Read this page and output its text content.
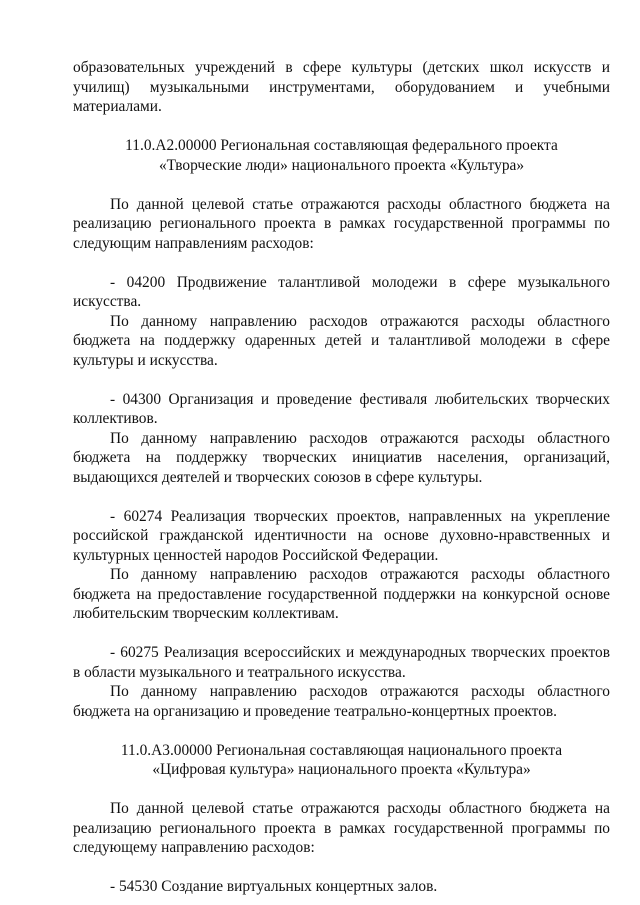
образовательных учреждений в сфере культуры (детских школ искусств и училищ) музыкальными инструментами, оборудованием и учебными материалами.

11.0.А2.00000 Региональная составляющая федерального проекта

«Творческие люди» национального проекта «Культура»

По данной целевой статье отражаются расходы областного бюджета на реализацию регионального проекта в рамках государственной программы по следующим направлениям расходов:

- 04200 Продвижение талантливой молодежи в сфере музыкального искусства.

По данному направлению расходов отражаются расходы областного бюджета на поддержку одаренных детей и талантливой молодежи в сфере культуры и искусства.

- 04300 Организация и проведение фестиваля любительских творческих коллективов.

По данному направлению расходов отражаются расходы областного бюджета на поддержку творческих инициатив населения, организаций, выдающихся деятелей и творческих союзов в сфере культуры.

- 60274 Реализация творческих проектов, направленных на укрепление российской гражданской идентичности на основе духовно-нравственных и культурных ценностей народов Российской Федерации.

По данному направлению расходов отражаются расходы областного бюджета на предоставление государственной поддержки на конкурсной основе любительским творческим коллективам.

- 60275 Реализация всероссийских и международных творческих проектов в области музыкального и театрального искусства.

По данному направлению расходов отражаются расходы областного бюджета на организацию и проведение театрально-концертных проектов.

11.0.А3.00000 Региональная составляющая национального проекта

«Цифровая культура» национального проекта «Культура»

По данной целевой статье отражаются расходы областного бюджета на реализацию регионального проекта в рамках государственной программы по следующему направлению расходов:

- 54530 Создание виртуальных концертных залов.
